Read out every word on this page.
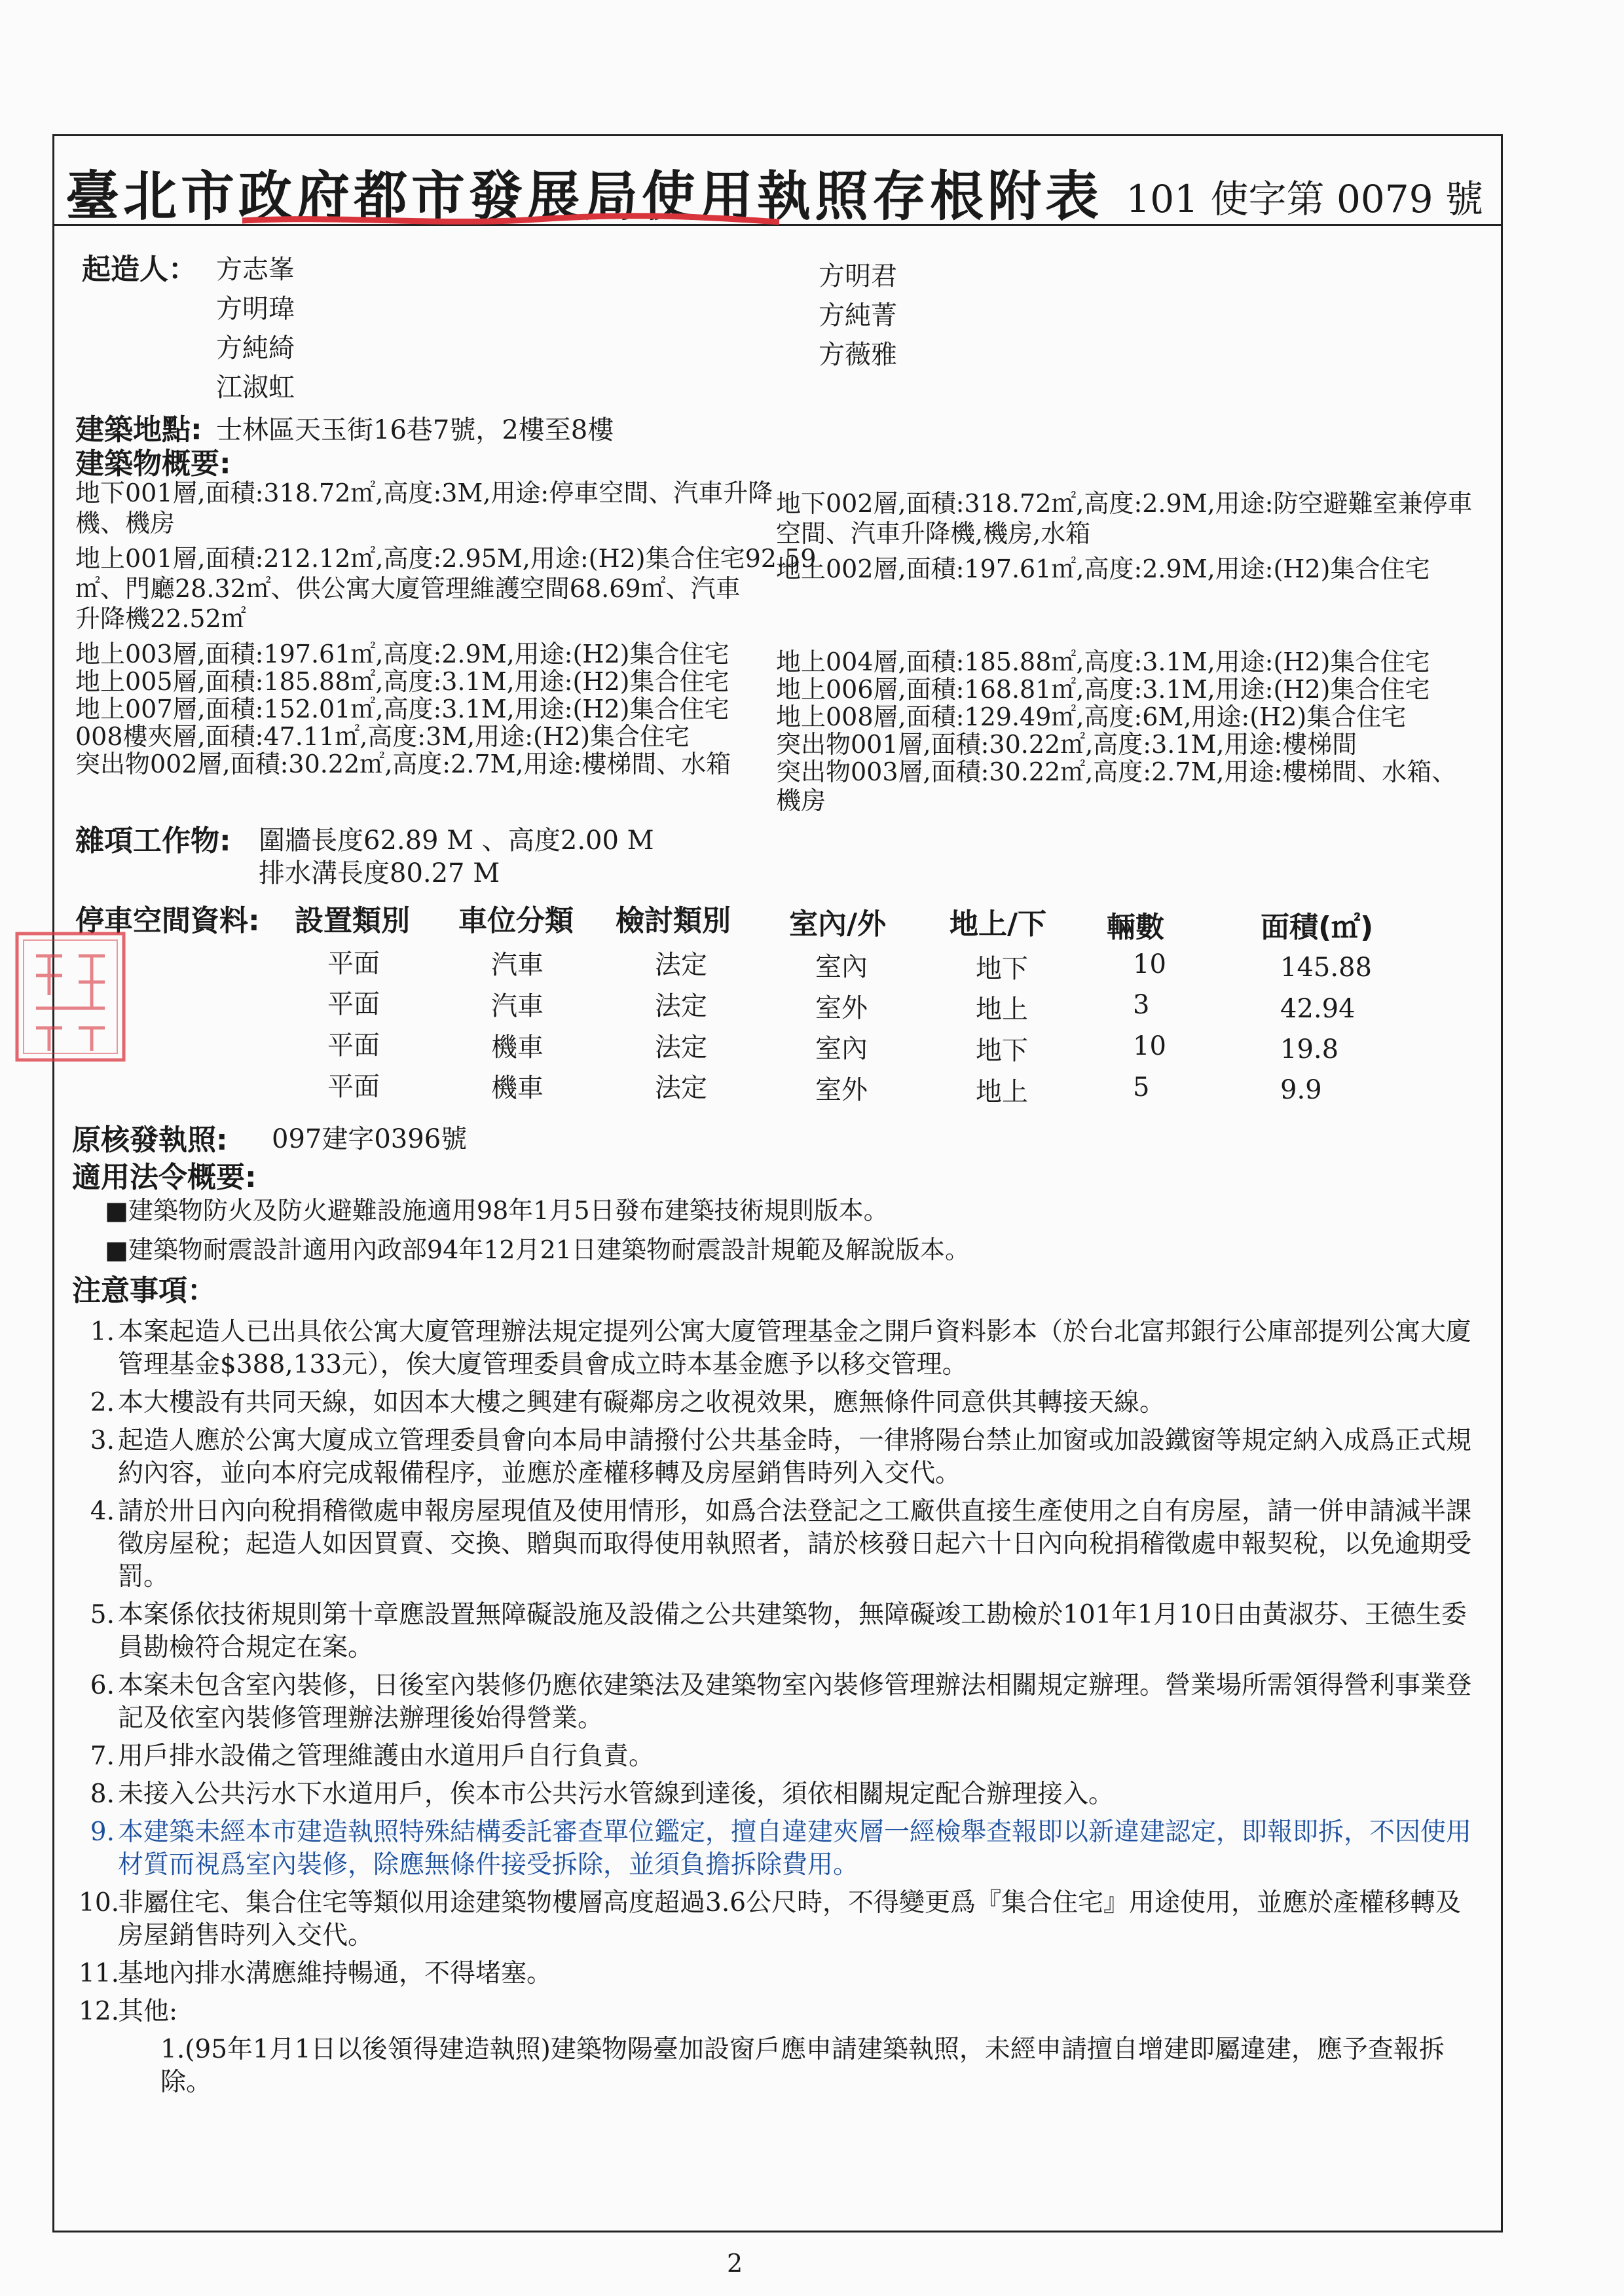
臺北市政府都市發展局使用執照存根附表 101 使字第 0079 號
起造人： 方志峯
方明瑋
方純綺
江淑虹
方明君
方純菁
方薇雅
建築地點: 士林區天玉街16巷7號，2樓至8樓
建築物概要:
地下001層,面積:318.72㎡,高度:3M,用途:停車空間、汽車升降
機、機房
地上001層,面積:212.12㎡,高度:2.95M,用途:(H2)集合住宅92.59
㎡、門廳28.32㎡、供公寓大廈管理維護空間68.69㎡、汽車
升降機22.52㎡
地上003層,面積:197.61㎡,高度:2.9M,用途:(H2)集合住宅
地上005層,面積:185.88㎡,高度:3.1M,用途:(H2)集合住宅
地上007層,面積:152.01㎡,高度:3.1M,用途:(H2)集合住宅
008樓夾層,面積:47.11㎡,高度:3M,用途:(H2)集合住宅
突出物002層,面積:30.22㎡,高度:2.7M,用途:樓梯間、水箱
地下002層,面積:318.72㎡,高度:2.9M,用途:防空避難室兼停車
空間、汽車升降機,機房,水箱
地上002層,面積:197.61㎡,高度:2.9M,用途:(H2)集合住宅
地上004層,面積:185.88㎡,高度:3.1M,用途:(H2)集合住宅
地上006層,面積:168.81㎡,高度:3.1M,用途:(H2)集合住宅
地上008層,面積:129.49㎡,高度:6M,用途:(H2)集合住宅
突出物001層,面積:30.22㎡,高度:3.1M,用途:樓梯間
突出物003層,面積:30.22㎡,高度:2.7M,用途:樓梯間、水箱、
機房
雜項工作物: 圍牆長度62.89 M 、高度2.00 M
排水溝長度80.27 M
停車空間資料: 設置類別 車位分類 檢討類別 室內/外 地上/下 輛數	面積(㎡)
平面	汽車	法定	室內	地下	10	145.88
平面	汽車	法定	室外	地上	3	42.94
平面	機車	法定	室內	地下	10	19.8
平面	機車	法定	室外	地上	5	9.9
原核發執照: 097建字0396號
適用法令概要:
■建築物防火及防火避難設施適用98年1月5日發布建築技術規則版本。
■建築物耐震設計適用內政部94年12月21日建築物耐震設計規範及解說版本。
注意事項：
1. 本案起造人已出具依公寓大廈管理辦法規定提列公寓大廈管理基金之開戶資料影本（於台北富邦銀行公庫部提列公寓大廈管理基金$388,133元），俟大廈管理委員會成立時本基金應予以移交管理。
2. 本大樓設有共同天線，如因本大樓之興建有礙鄰房之收視效果，應無條件同意供其轉接天線。
3. 起造人應於公寓大廈成立管理委員會向本局申請撥付公共基金時，一律將陽台禁止加窗或加設鐵窗等規定納入成爲正式規約內容，並向本府完成報備程序，並應於產權移轉及房屋銷售時列入交代。
4. 請於卅日內向稅捐稽徵處申報房屋現值及使用情形，如爲合法登記之工廠供直接生產使用之自有房屋，請一併申請減半課徵房屋稅；起造人如因買賣、交換、贈與而取得使用執照者，請於核發日起六十日內向稅捐稽徵處申報契稅，以免逾期受罰。
5. 本案係依技術規則第十章應設置無障礙設施及設備之公共建築物，無障礙竣工勘檢於101年1月10日由黃淑芬、王德生委員勘檢符合規定在案。
6. 本案未包含室內裝修，日後室內裝修仍應依建築法及建築物室內裝修管理辦法相關規定辦理。營業場所需領得營利事業登記及依室內裝修管理辦法辦理後始得營業。
7. 用戶排水設備之管理維護由水道用戶自行負責。
8. 未接入公共污水下水道用戶，俟本市公共污水管線到達後，須依相關規定配合辦理接入。
9. 本建築未經本市建造執照特殊結構委託審查單位鑑定，擅自違建夾層一經檢舉查報即以新違建認定，即報即拆，不因使用材質而視爲室內裝修，除應無條件接受拆除，並須負擔拆除費用。
10.
非屬住宅、集合住宅等類似用途建築物樓層高度超過3.6公尺時，不得變更爲『集合住宅』用途使用，並應於產權移轉及房屋銷售時列入交代。
11.
基地內排水溝應維持暢通，不得堵塞。
12.
其他:
1.(95年1月1日以後領得建造執照)建築物陽臺加設窗戶應申請建築執照，未經申請擅自增建即屬違建，應予查報拆除。
2
